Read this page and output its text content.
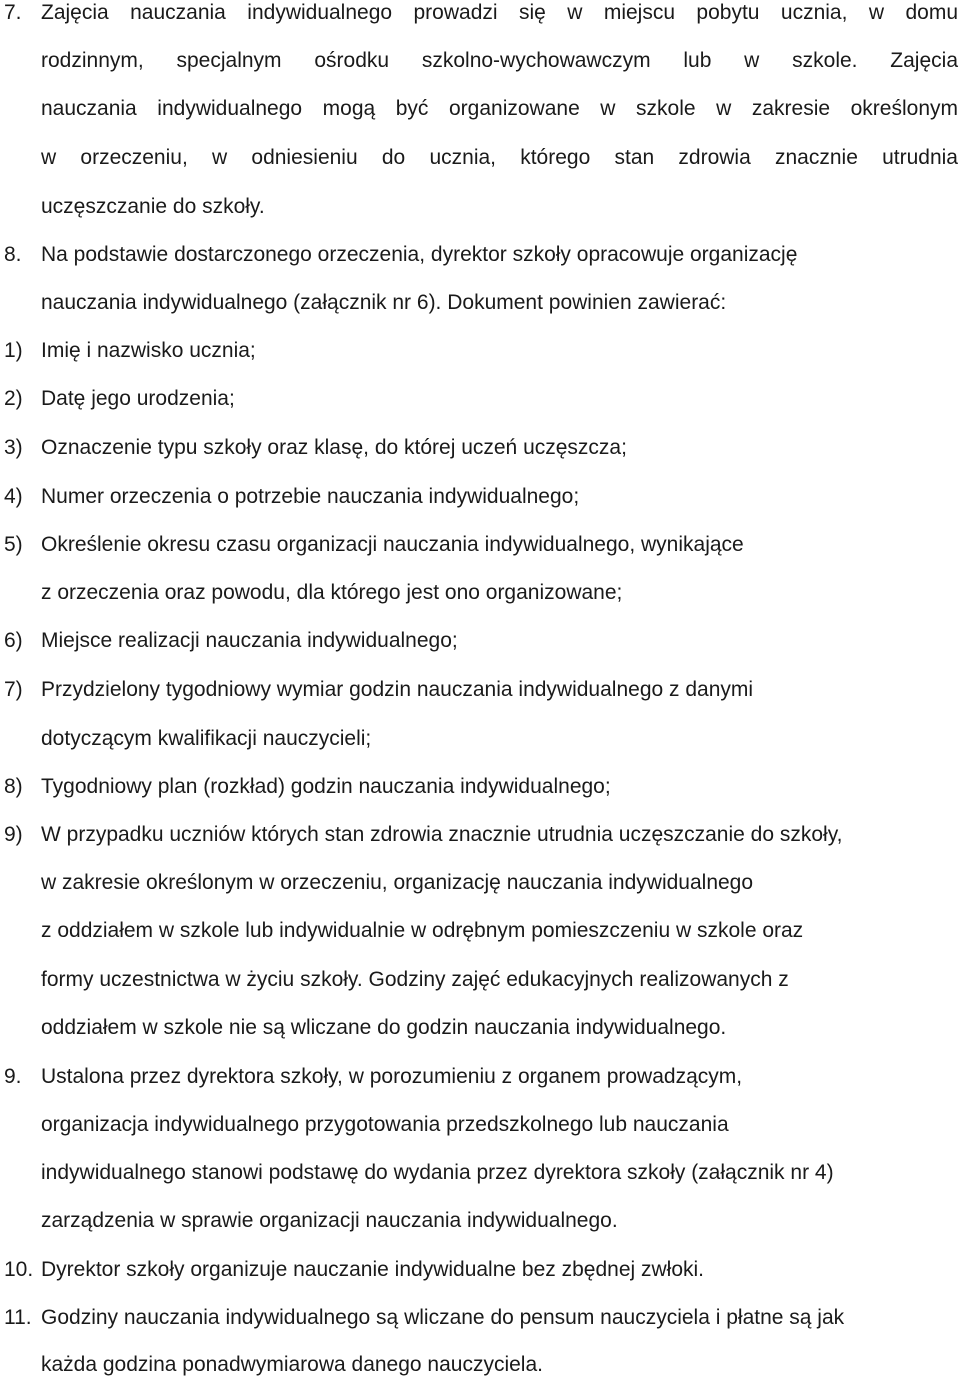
7. Zajęcia nauczania indywidualnego prowadzi się w miejscu pobytu ucznia, w domu
rodzinnym, specjalnym ośrodku szkolno-wychowawczym lub w szkole. Zajęcia
nauczania indywidualnego mogą być organizowane w szkole w zakresie określonym
w orzeczeniu, w odniesieniu do ucznia, którego stan zdrowia znacznie utrudnia
uczęszczanie do szkoły.
8. Na podstawie dostarczonego orzeczenia, dyrektor szkoły opracowuje organizację
nauczania indywidualnego (załącznik nr 6). Dokument powinien zawierać:
1) Imię i nazwisko ucznia;
2) Datę jego urodzenia;
3) Oznaczenie typu szkoły oraz klasę, do której uczeń uczęszcza;
4) Numer orzeczenia o potrzebie nauczania indywidualnego;
5) Określenie okresu czasu organizacji nauczania indywidualnego, wynikające
z orzeczenia oraz powodu, dla którego jest ono organizowane;
6) Miejsce realizacji nauczania indywidualnego;
7) Przydzielony tygodniowy wymiar godzin nauczania indywidualnego z danymi
dotyczącym kwalifikacji nauczycieli;
8) Tygodniowy plan (rozkład) godzin nauczania indywidualnego;
9) W przypadku uczniów których stan zdrowia znacznie utrudnia uczęszczanie do szkoły,
w zakresie określonym w orzeczeniu, organizację nauczania indywidualnego
z oddziałem w szkole lub indywidualnie w odrębnym pomieszczeniu w szkole oraz
formy uczestnictwa w życiu szkoły. Godziny zajęć edukacyjnych realizowanych z
oddziałem w szkole nie są wliczane do godzin nauczania indywidualnego.
9. Ustalona przez dyrektora szkoły, w porozumieniu z organem prowadzącym,
organizacja indywidualnego przygotowania przedszkolnego lub nauczania
indywidualnego stanowi podstawę do wydania przez dyrektora szkoły (załącznik nr 4)
zarządzenia w sprawie organizacji nauczania indywidualnego.
10. Dyrektor szkoły organizuje nauczanie indywidualne bez zbędnej zwłoki.
11. Godziny nauczania indywidualnego są wliczane do pensum nauczyciela i płatne są jak
każda godzina ponadwymiarowa danego nauczyciela.
